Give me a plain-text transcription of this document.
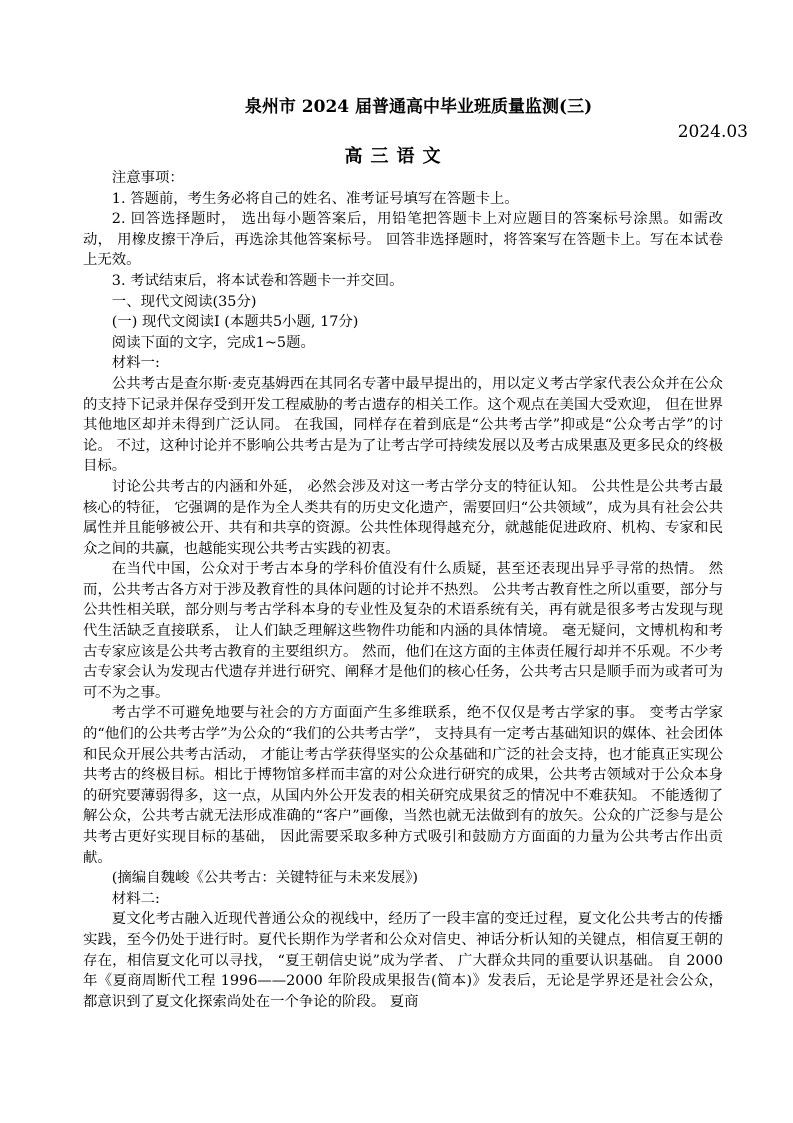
泉州市 2024 届普通高中毕业班质量监测(三)
2024.03
高三语文

注意事项：

1. 答题前，考生务必将自己的姓名、准考证号填写在答题卡上。

2. 回答选择题时， 选出每小题答案后，用铅笔把答题卡上对应题目的答案标号涂黑。如需改动， 用橡皮擦干净后，再选涂其他答案标号。 回答非选择题时，将答案写在答题卡上。写在本试卷上无效。

3. 考试结束后，将本试卷和答题卡一并交回。

一、现代文阅读(35分)

(一) 现代文阅读Ⅰ (本题共5小题, 17分)

阅读下面的文字，完成1~5题。

材料一:

公共考古是查尔斯·麦克基姆西在其同名专著中最早提出的，用以定义考古学家代表公众并在公众的支持下记录并保存受到开发工程威胁的考古遗存的相关工作。这个观点在美国大受欢迎， 但在世界其他地区却并未得到广泛认同。 在我国，同样存在着到底是“公共考古学”抑或是“公众考古学”的讨论。 不过，这种讨论并不影响公共考古是为了让考古学可持续发展以及考古成果惠及更多民众的终极目标。

讨论公共考古的内涵和外延， 必然会涉及对这一考古学分支的特征认知。 公共性是公共考古最核心的特征， 它强调的是作为全人类共有的历史文化遗产，需要回归“公共领域”，成为具有社会公共属性并且能够被公开、共有和共享的资源。公共性体现得越充分，就越能促进政府、机构、专家和民众之间的共赢，也越能实现公共考古实践的初衷。

在当代中国，公众对于考古本身的学科价值没有什么质疑，甚至还表现出异乎寻常的热情。 然而，公共考古各方对于涉及教育性的具体问题的讨论并不热烈。 公共考古教育性之所以重要，部分与公共性相关联，部分则与考古学科本身的专业性及复杂的术语系统有关，再有就是很多考古发现与现代生活缺乏直接联系， 让人们缺乏理解这些物件功能和内涵的具体情境。 毫无疑问，文博机构和考古专家应该是公共考古教育的主要组织方。 然而，他们在这方面的主体责任履行却并不乐观。不少考古专家会认为发现古代遗存并进行研究、阐释才是他们的核心任务，公共考古只是顺手而为或者可为可不为之事。

考古学不可避免地要与社会的方方面面产生多维联系，绝不仅仅是考古学家的事。 变考古学家的“他们的公共考古学”为公众的“我们的公共考古学”， 支持具有一定考古基础知识的媒体、社会团体和民众开展公共考古活动， 才能让考古学获得坚实的公众基础和广泛的社会支持，也才能真正实现公共考古的终极目标。相比于博物馆多样而丰富的对公众进行研究的成果，公共考古领域对于公众本身的研究要薄弱得多，这一点，从国内外公开发表的相关研究成果贫乏的情况中不难获知。 不能透彻了解公众，公共考古就无法形成准确的“客户”画像，当然也就无法做到有的放矢。公众的广泛参与是公共考古更好实现目标的基础， 因此需要采取多种方式吸引和鼓励方方面面的力量为公共考古作出贡献。

(摘编自魏峻《公共考古：关键特征与未来发展》)

材料二:

夏文化考古融入近现代普通公众的视线中，经历了一段丰富的变迁过程，夏文化公共考古的传播实践，至今仍处于进行时。夏代长期作为学者和公众对信史、神话分析认知的关键点，相信夏王朝的存在，相信夏文化可以寻找， “夏王朝信史说”成为学者、 广大群众共同的重要认识基础。 自 2000 年《夏商周断代工程 1996——2000 年阶段成果报告(简本)》发表后，无论是学界还是社会公众，都意识到了夏文化探索尚处在一个争论的阶段。 夏商
